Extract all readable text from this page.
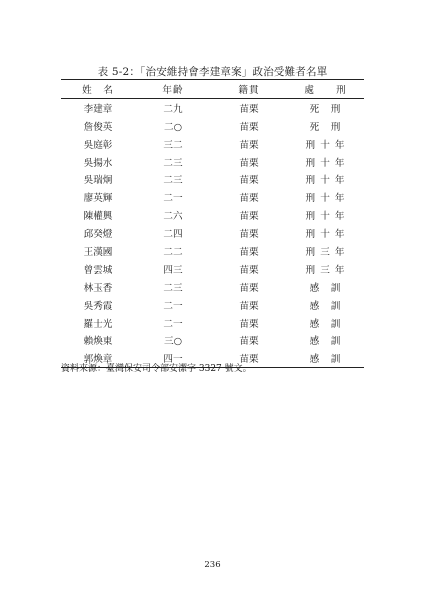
表 5-2：「治安維持會李建章案」政治受難者名單
姓　名	年齡	籍貫	處　　刑
李建章	二九	苗栗	死　刑
詹俊英	二○	苗栗	死　刑
吳庭彰	三二	苗栗	刑 十 年
吳揚水	二三	苗栗	刑 十 年
吳瑞炯	二三	苗栗	刑 十 年
廖英輝	二一	苗栗	刑 十 年
陳權興	二六	苗栗	刑 十 年
邱癸燈	二四	苗栗	刑 十 年
王漢國	二二	苗栗	刑 三 年
曾雲城	四三	苗栗	刑 三 年
林玉香	二三	苗栗	感　訓
吳秀霞	二一	苗栗	感　訓
羅士光	二一	苗栗	感　訓
賴煥東	三○	苗栗	感　訓
郭煥章	四一	苗栗	感　訓
資料來源：臺灣保安司令部安潔字 3327 號文。
236
